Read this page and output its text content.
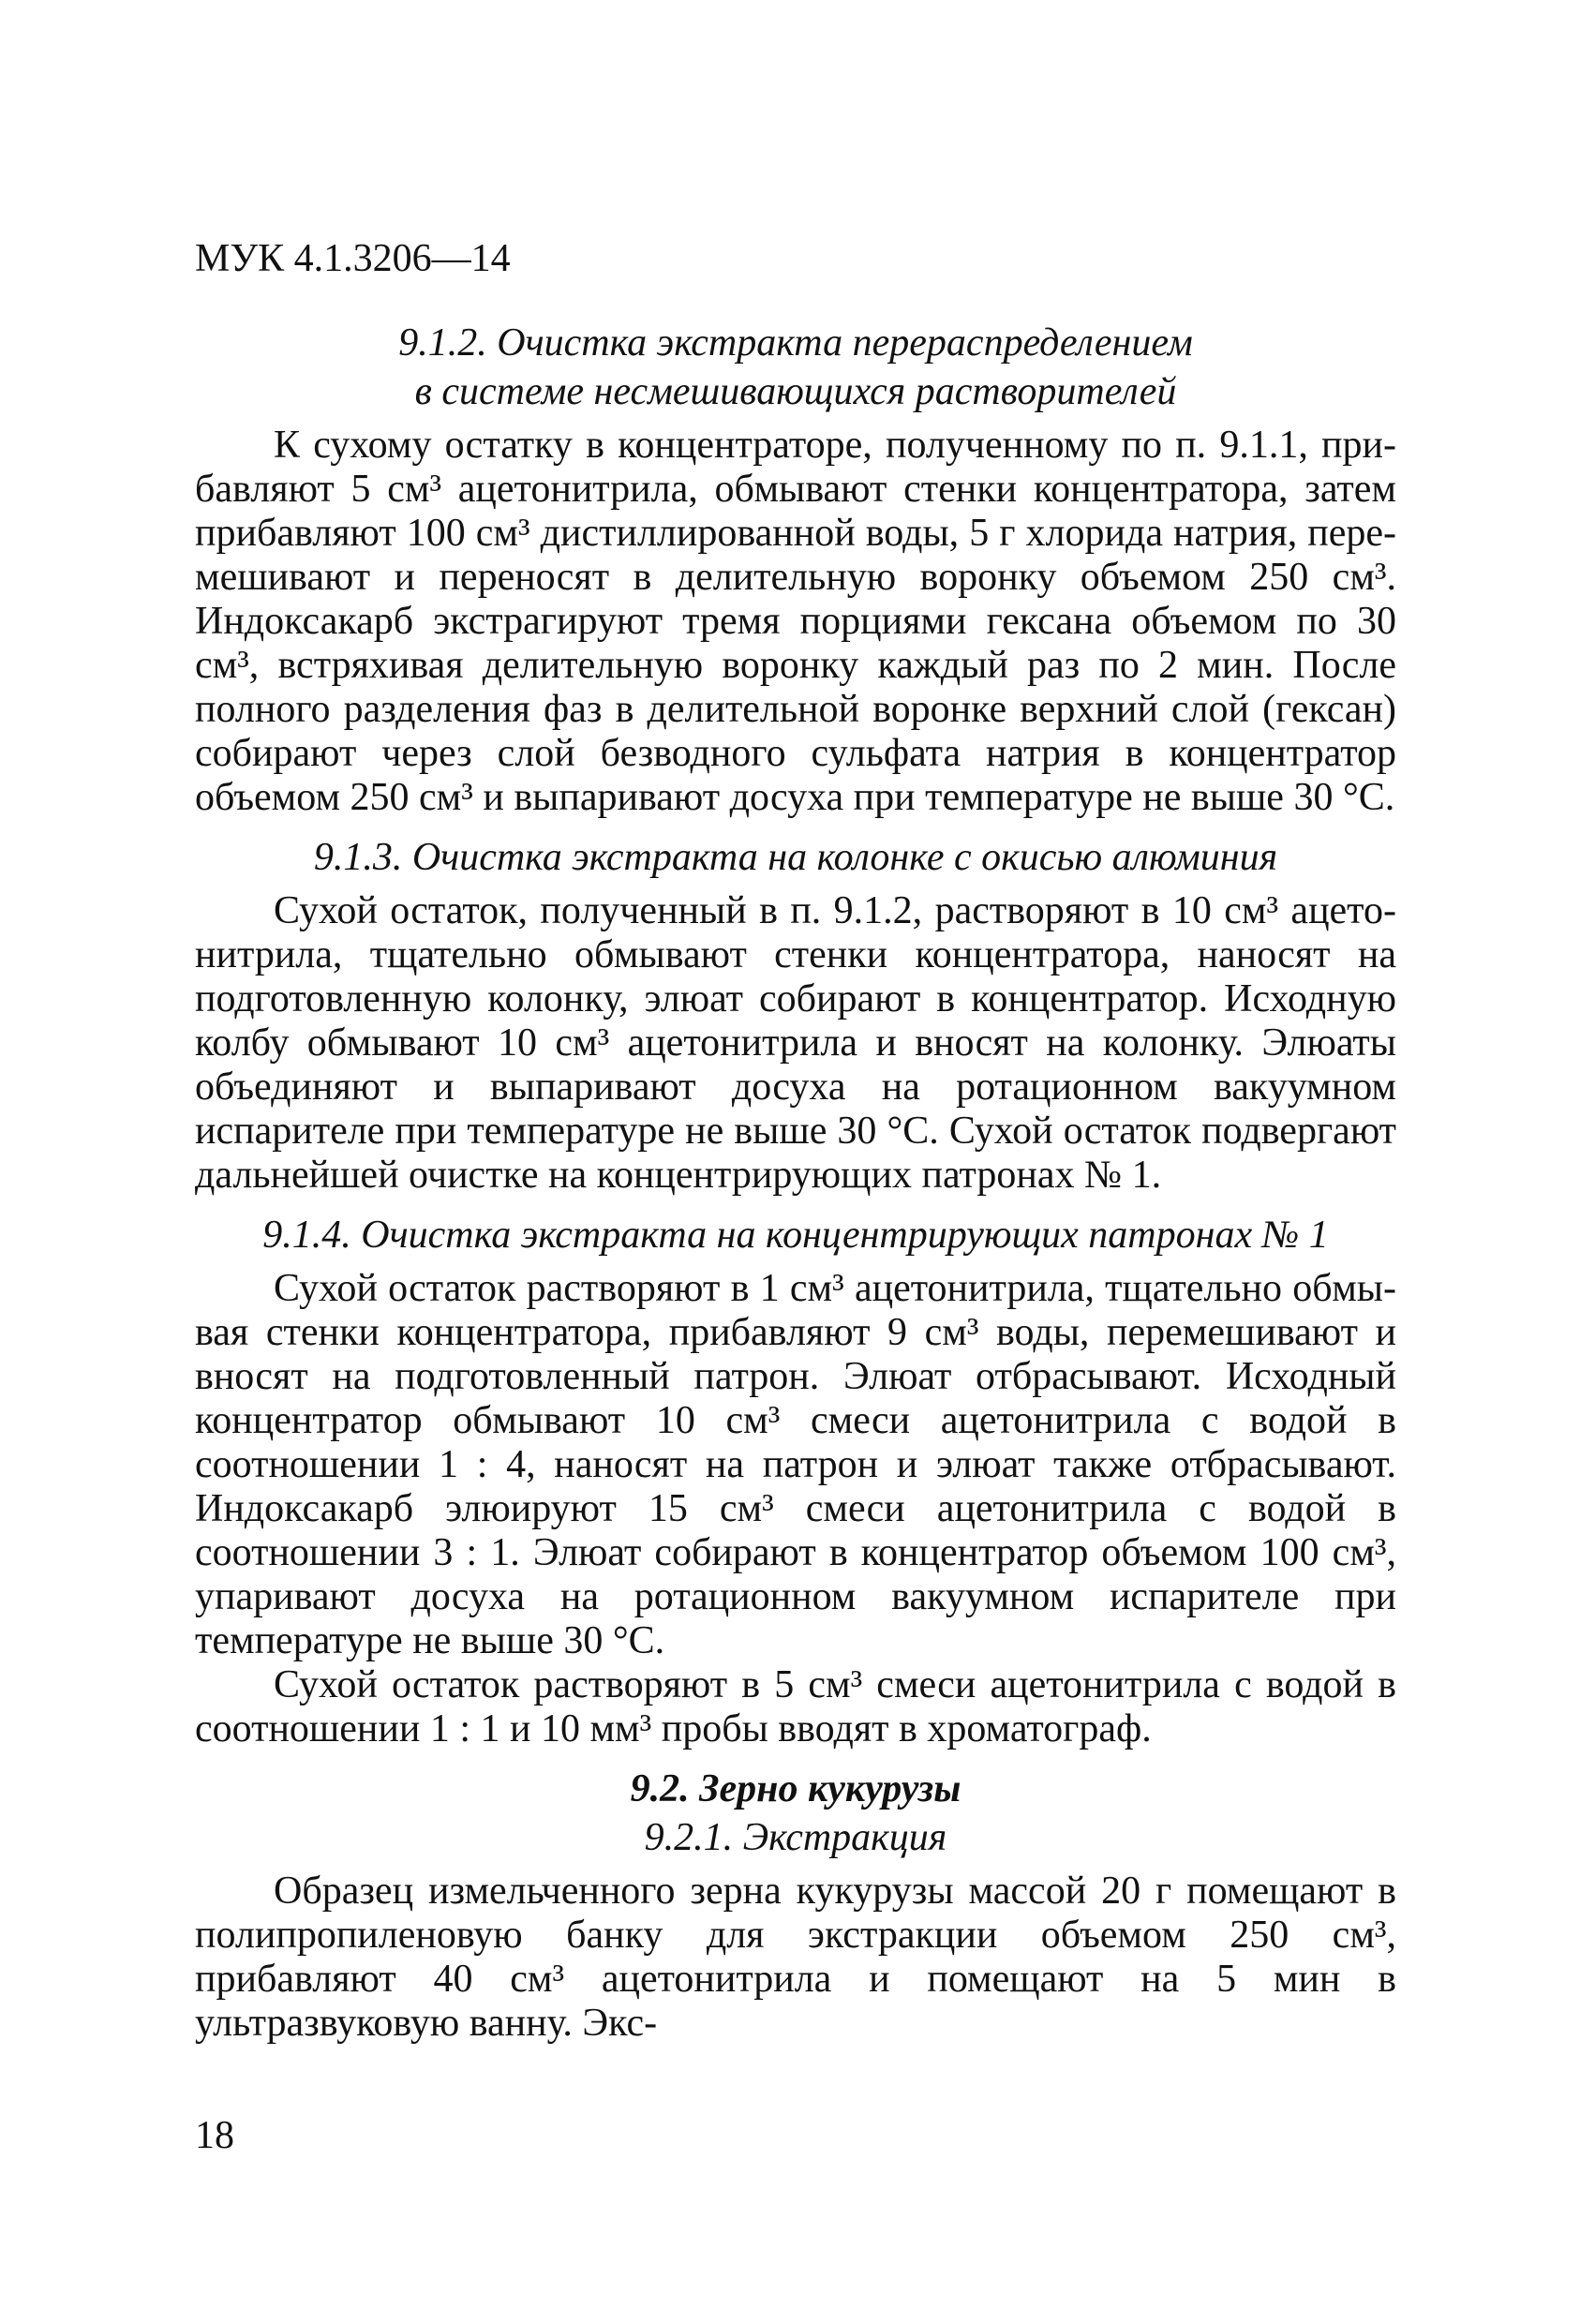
МУК 4.1.3206—14

9.1.2. Очистка экстракта перераспределением

в системе несмешивающихся растворителей

К сухому остатку в концентраторе, полученному по п. 9.1.1, прибавляют 5 см³ ацетонитрила, обмывают стенки концентратора, затем прибавляют 100 см³ дистиллированной воды, 5 г хлорида натрия, перемешивают и переносят в делительную воронку объемом 250 см³. Индоксакарб экстрагируют тремя порциями гексана объемом по 30 см³, встряхивая делительную воронку каждый раз по 2 мин. После полного разделения фаз в делительной воронке верхний слой (гексан) собирают через слой безводного сульфата натрия в концентратор объемом 250 см³ и выпаривают досуха при температуре не выше 30 °С.

9.1.3. Очистка экстракта на колонке с окисью алюминия

Сухой остаток, полученный в п. 9.1.2, растворяют в 10 см³ ацетонитрила, тщательно обмывают стенки концентратора, наносят на подготовленную колонку, элюат собирают в концентратор. Исходную колбу обмывают 10 см³ ацетонитрила и вносят на колонку. Элюаты объединяют и выпаривают досуха на ротационном вакуумном испарителе при температуре не выше 30 °С. Сухой остаток подвергают дальнейшей очистке на концентрирующих патронах № 1.

9.1.4. Очистка экстракта на концентрирующих патронах № 1

Сухой остаток растворяют в 1 см³ ацетонитрила, тщательно обмывая стенки концентратора, прибавляют 9 см³ воды, перемешивают и вносят на подготовленный патрон. Элюат отбрасывают. Исходный концентратор обмывают 10 см³ смеси ацетонитрила с водой в соотношении 1 : 4, наносят на патрон и элюат также отбрасывают. Индоксакарб элюируют 15 см³ смеси ацетонитрила с водой в соотношении 3 : 1. Элюат собирают в концентратор объемом 100 см³, упаривают досуха на ротационном вакуумном испарителе при температуре не выше 30 °С.

Сухой остаток растворяют в 5 см³ смеси ацетонитрила с водой в соотношении 1 : 1 и 10 мм³ пробы вводят в хроматограф.

9.2. Зерно кукурузы

9.2.1. Экстракция

Образец измельченного зерна кукурузы массой 20 г помещают в полипропиленовую банку для экстракции объемом 250 см³, прибавляют 40 см³ ацетонитрила и помещают на 5 мин в ультразвуковую ванну. Экс-

18
